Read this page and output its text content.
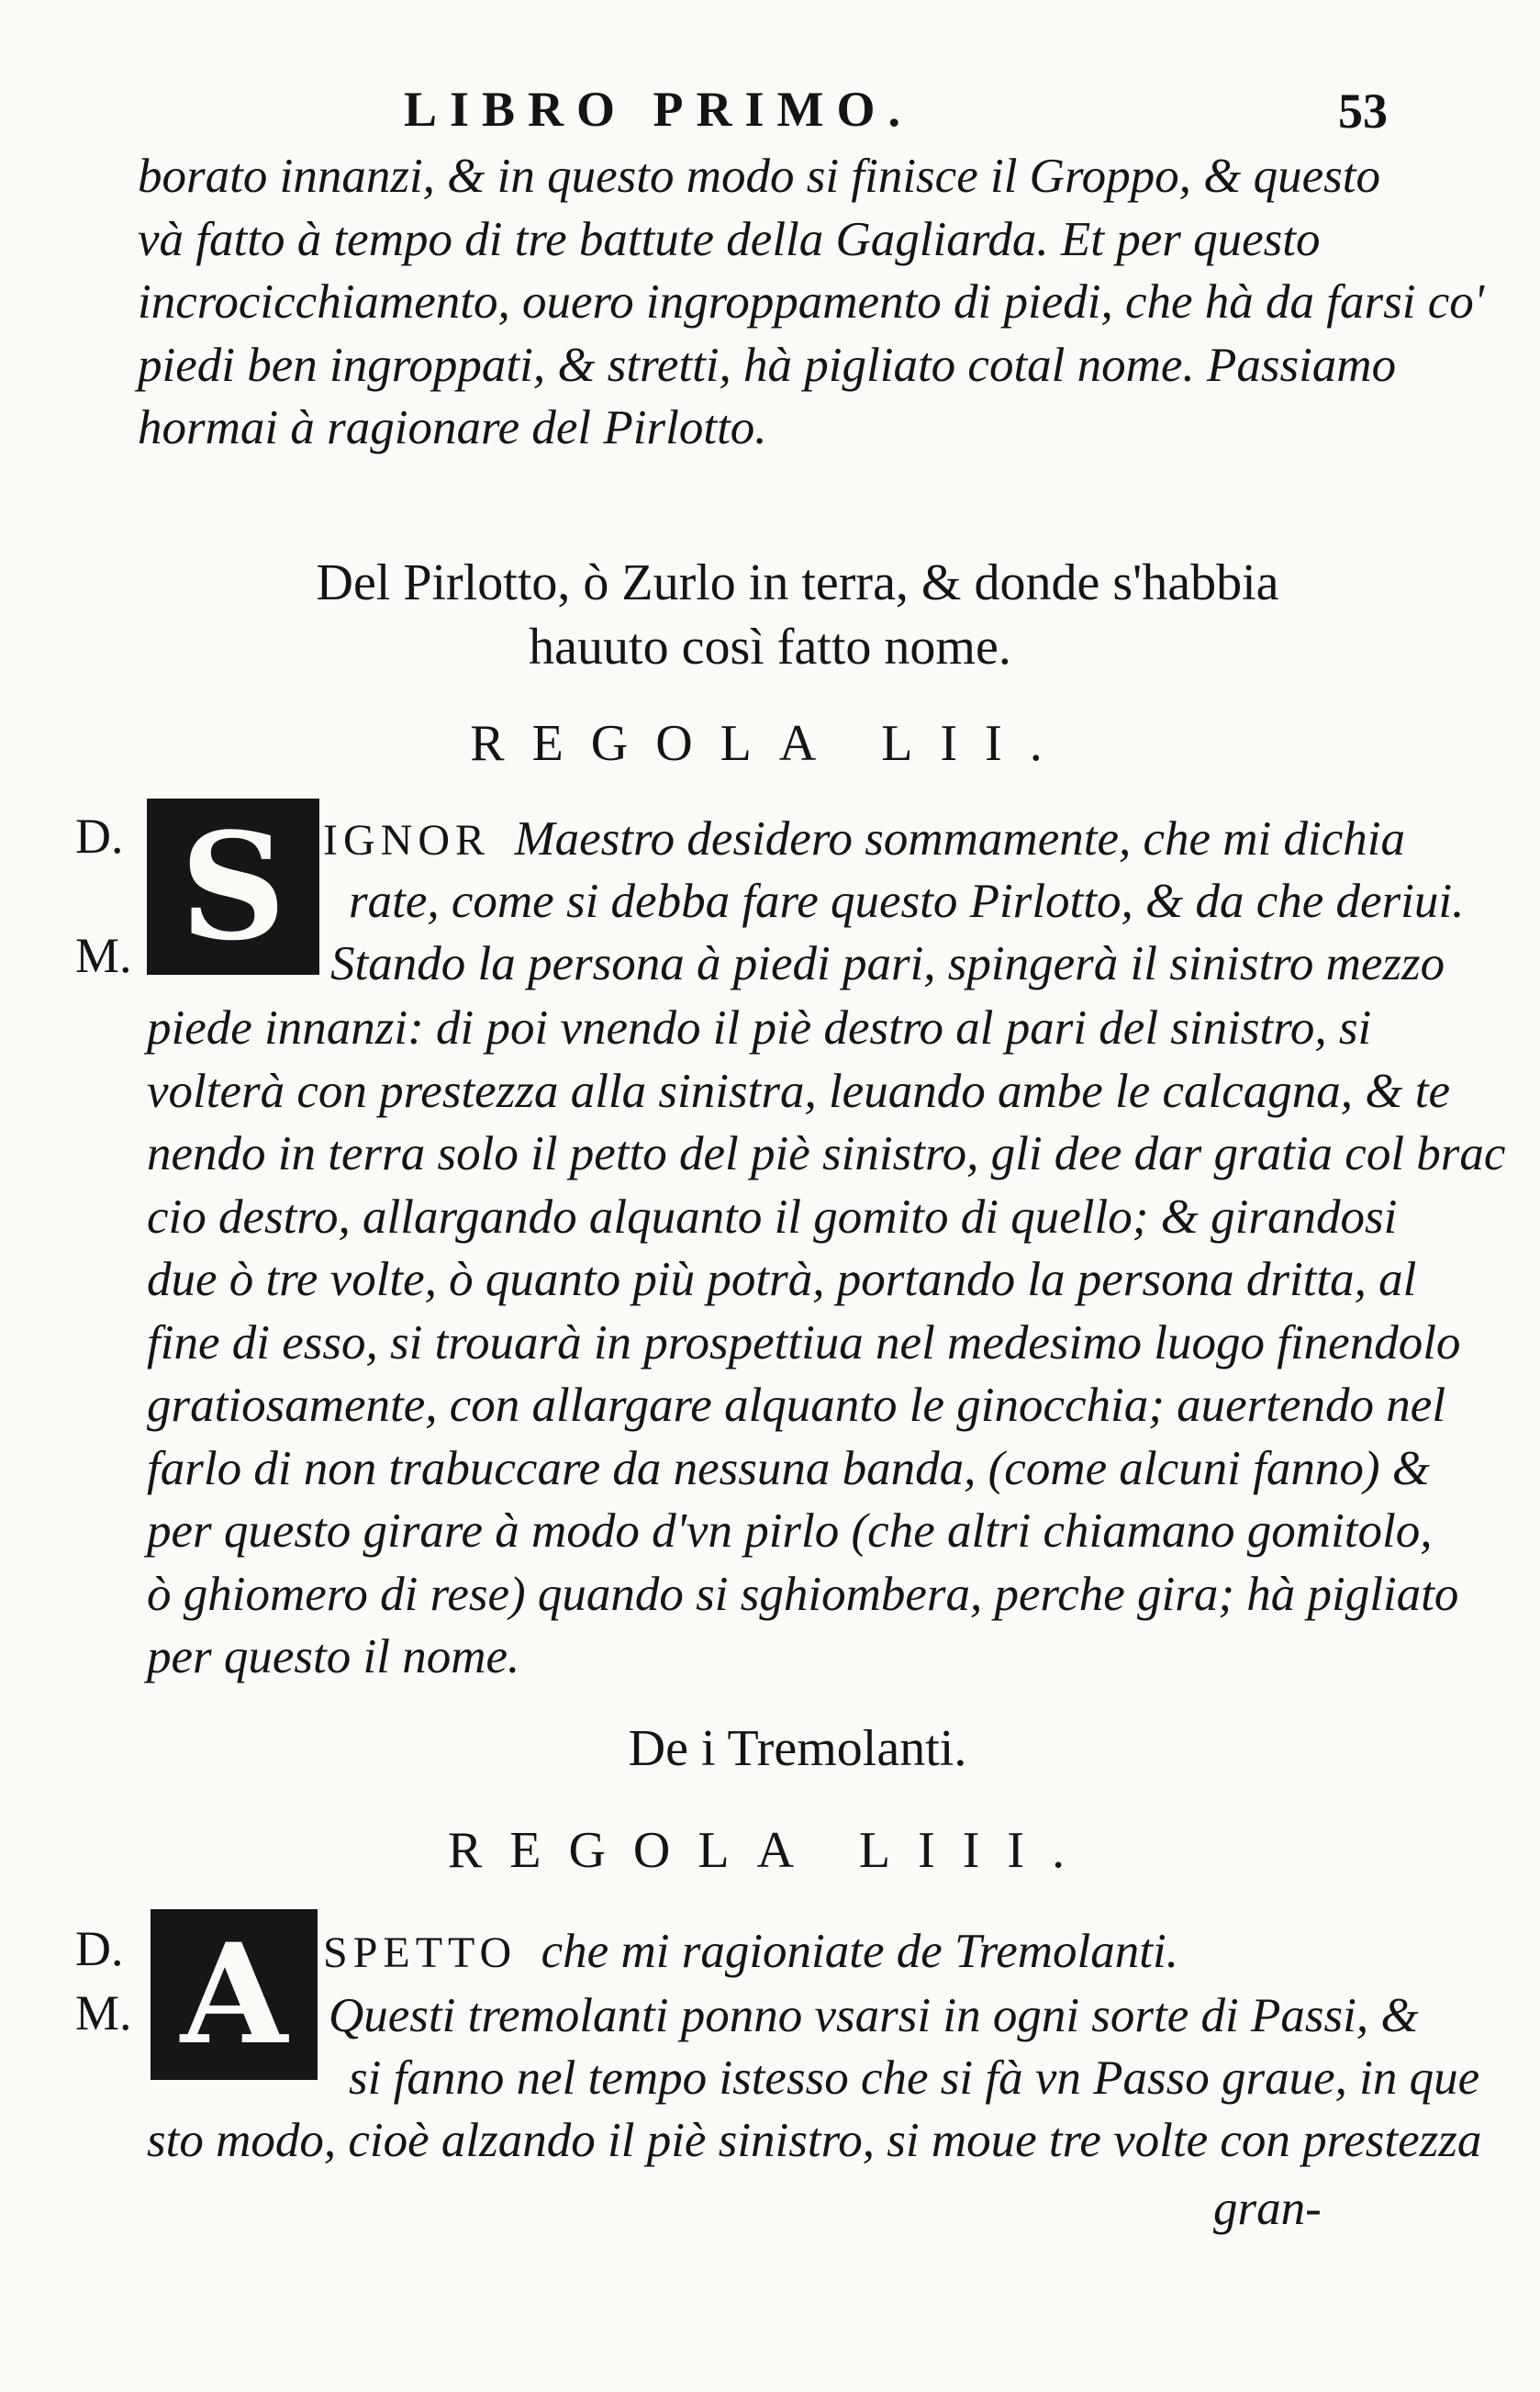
LIBRO PRIMO.	53
borato innanzi, & in questo modo si finisce il Groppo, & questo
và fatto à tempo di tre battute della Gagliarda. Et per questo
incrocicchiamento, ouero ingroppamento di piedi, che hà da farsi co'
piedi ben ingroppati, & stretti, hà pigliato cotal nome. Passiamo
hormai à ragionare del Pirlotto.
Del Pirlotto, ò Zurlo in terra, & donde s'habbia
hauuto così fatto nome.
REGOLA LII.
D.
M. S IGNOR Maestro desidero sommamente, che mi dichia
rate, come si debba fare questo Pirlotto, & da che deriui.
Stando la persona à piedi pari, spingerà il sinistro mezzo
piede innanzi: di poi vnendo il piè destro al pari del sinistro, si
volterà con prestezza alla sinistra, leuando ambe le calcagna, & te
nendo in terra solo il petto del piè sinistro, gli dee dar gratia col brac
cio destro, allargando alquanto il gomito di quello; & girandosi
due ò tre volte, ò quanto più potrà, portando la persona dritta, al
fine di esso, si trouarà in prospettiua nel medesimo luogo finendolo
gratiosamente, con allargare alquanto le ginocchia; auertendo nel
farlo di non trabuccare da nessuna banda, (come alcuni fanno) &
per questo girare à modo d'vn pirlo (che altri chiamano gomitolo,
ò ghiomero di rese) quando si sghiombera, perche gira; hà pigliato
per questo il nome.
De i Tremolanti.
REGOLA LIII.
D.
M. A SPETTO che mi ragioniate de Tremolanti.
Questi tremolanti ponno vsarsi in ogni sorte di Passi, &
si fanno nel tempo istesso che si fà vn Passo graue, in que
sto modo, cioè alzando il piè sinistro, si moue tre volte con prestezza
gran-
